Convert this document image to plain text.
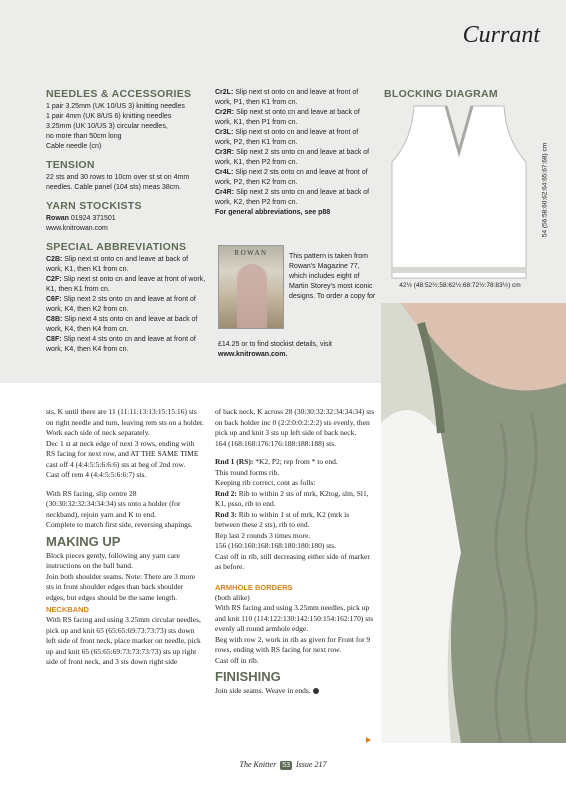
Currant
NEEDLES & ACCESSORIES
1 pair 3.25mm (UK 10/US 3) knitting needles
1 pair 4mm (UK 8/US 6) knitting needles
3.25mm (UK 10/US 3) circular needles,
no more than 50cm long
Cable needle (cn)
TENSION
22 sts and 30 rows to 10cm over st st on 4mm needles. Cable panel (104 sts) meas 38cm.
YARN STOCKISTS
Rowan 01924 371501
www.knitrowan.com
SPECIAL ABBREVIATIONS

C2B: Slip next st onto cn and leave at back of work, K1, then K1 from cn.

C2F: Slip next st onto cn and leave at front of work, K1, then K1 from cn.

C6F: Slip next 2 sts onto cn and leave at front of work, K4, then K2 from cn.

C8B: Slip next 4 sts onto cn and leave at back of work, K4, then K4 from cn.

C8F: Slip next 4 sts onto cn and leave at front of work, K4, then K4 from cn.

Cr2L: Slip next st onto cn and leave at front of work, P1, then K1 from cn.

Cr2R: Slip next st onto cn and leave at back of work, K1, then P1 from cn.

Cr3L: Slip next st onto cn and leave at front of work, P2, then K1 from cn.

Cr3R: Slip next 2 sts onto cn and leave at back of work, K1, then P2 from cn.

Cr4L: Slip next 2 sts onto cn and leave at front of work, P2, then K2 from cn.

Cr4R: Slip next 2 sts onto cn and leave at back of work, K2, then P2 from cn.

For general abbreviations, see p88

ROWAN	This pattern is taken from Rowan's Magazine 77, which includes eight of Martin Storey's most iconic designs. To order a copy for
£14.25 or to find stockist details, visit www.knitrowan.com.
BLOCKING DIAGRAM
42½ (48:52½:58:62½:68:72½:78:83½) cm
54 (56:58:60:62:64:65:67:68) cm

sts, K until there are 11 (11:11:13:13:15:15:16) sts on right needle and turn, leaving rem sts on a holder.

Work each side of neck separately.

Dec 1 st at neck edge of next 3 rows, ending with RS facing for next row, and AT THE SAME TIME cast off 4 (4:4:5:5:6:6:6) sts at beg of 2nd row.

Cast off rem 4 (4:4:5:5:6:6:7) sts.

With RS facing, slip centre 28 (30:30:32:32:34:34:34) sts onto a holder (for neckband), rejoin yarn and K to end.

Complete to match first side, reversing shapings.

MAKING UP

Block pieces gently, following any yarn care instructions on the ball band.

Join both shoulder seams. Note: There are 3 more sts in front shoulder edges than back shoulder edges, but edges should be the same length.

NECKBAND

With RS facing and using 3.25mm circular needles, pick up and knit 65 (65:65:69:73:73:73) sts down left side of front neck, place marker on needle, pick up and knit 65 (65:65:69:73:73:73:73) sts up right side of front neck, and 3 sts down right side

of back neck, K across 28 (30:30:32:32:34:34:34) sts on back holder inc 0 (2:2:0:0:2:2:2) sts evenly, then pick up and knit 3 sts up left side of back neck.

164 (168:168:176:176:188:188:188) sts.

Rnd 1 (RS): *K2, P2; rep from * to end.

This round forms rib.

Keeping rib correct, cont as folls:

Rnd 2: Rib to within 2 sts of mrk, K2tog, slm, Sl1, K1, psso, rib to end.

Rnd 3: Rib to within 1 st of mrk, K2 (mrk is between these 2 sts), rib to end.

Rep last 2 rounds 3 times more.

156 (160:160:168:168:180:180:180) sts.

Cast off in rib, still decreasing either side of marker as before.

ARMHOLE BORDERS

(both alike)

With RS facing and using 3.25mm needles, pick up and knit 110 (114:122:130:142:150:154:162:170) sts evenly all round armhole edge.

Beg with row 2, work in rib as given for Front for 9 rows, ending with RS facing for next row.

Cast off in rib.

FINISHING

Join side seams. Weave in ends.

The Knitter 53 Issue 217
PassionForum.ru
